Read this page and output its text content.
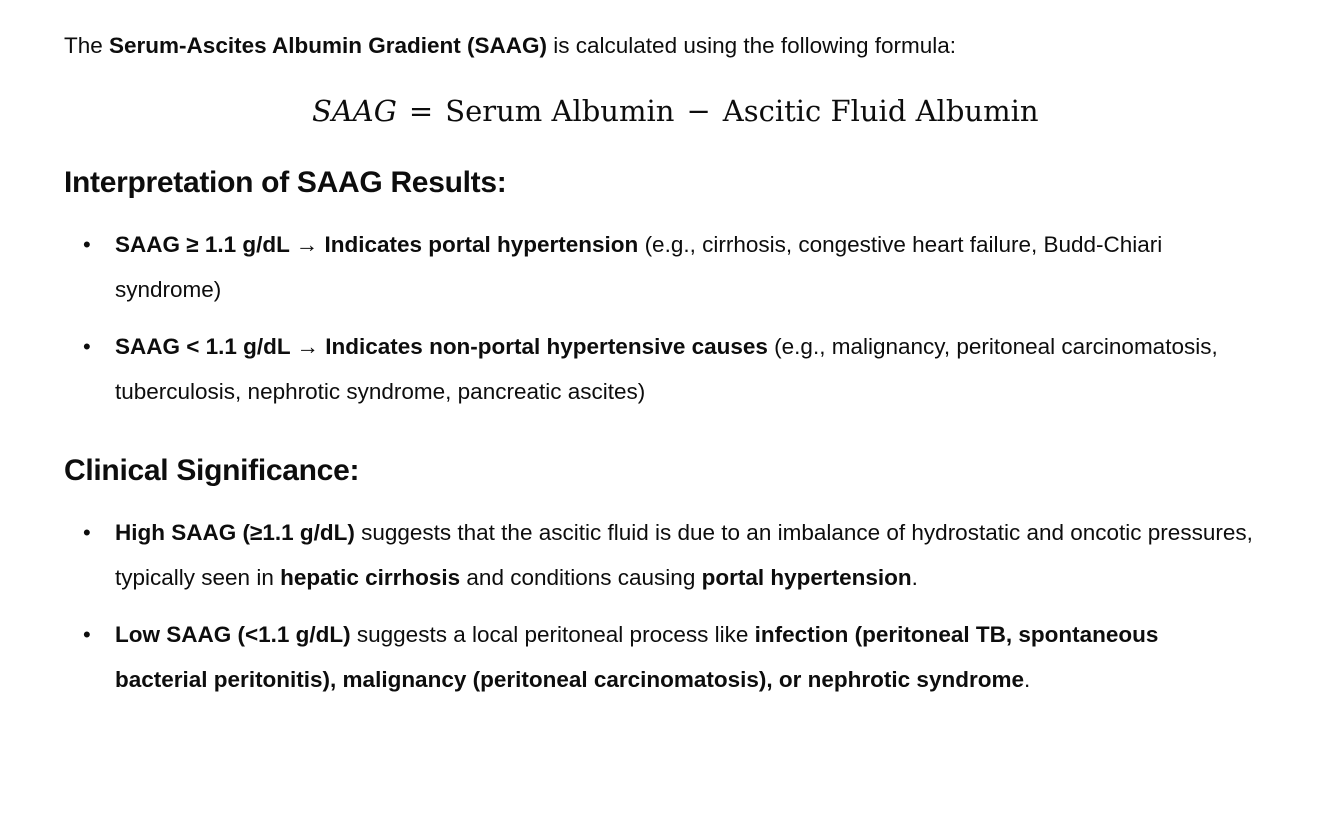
The Serum-Ascites Albumin Gradient (SAAG) is calculated using the following formula:

SAAG = Serum Albumin − Ascitic Fluid Albumin
Interpretation of SAAG Results:
• SAAG ≥ 1.1 g/dL → Indicates portal hypertension (e.g., cirrhosis, congestive heart failure, Budd-Chiari syndrome)
• SAAG < 1.1 g/dL → Indicates non-portal hypertensive causes (e.g., malignancy, peritoneal carcinomatosis, tuberculosis, nephrotic syndrome, pancreatic ascites)
Clinical Significance:
• High SAAG (≥1.1 g/dL) suggests that the ascitic fluid is due to an imbalance of hydrostatic and oncotic pressures, typically seen in hepatic cirrhosis and conditions causing portal hypertension.
• Low SAAG (<1.1 g/dL) suggests a local peritoneal process like infection (peritoneal TB, spontaneous bacterial peritonitis), malignancy (peritoneal carcinomatosis), or nephrotic syndrome.
